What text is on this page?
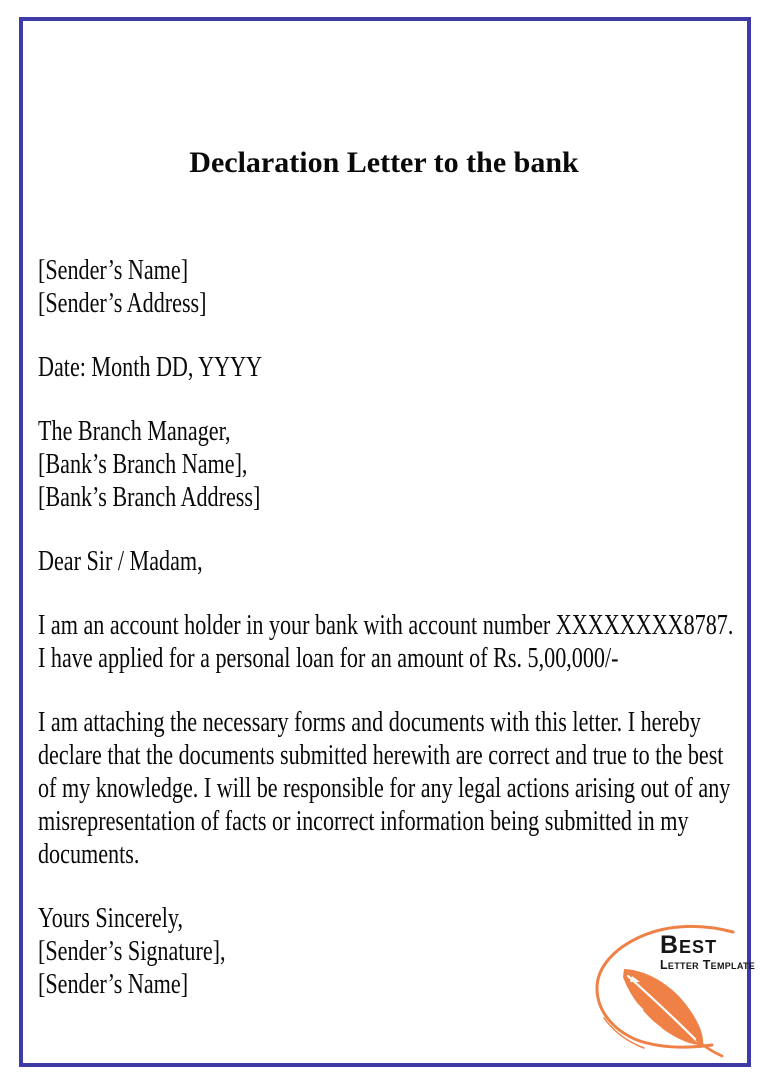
Declaration Letter to the bank
[Sender’s Name]
[Sender’s Address]
Date: Month DD, YYYY
The Branch Manager,
[Bank’s Branch Name],
[Bank’s Branch Address]
Dear Sir / Madam,
I am an account holder in your bank with account number XXXXXXXX8787.
I have applied for a personal loan for an amount of Rs. 5,00,000/-
I am attaching the necessary forms and documents with this letter. I hereby
declare that the documents submitted herewith are correct and true to the best
of my knowledge. I will be responsible for any legal actions arising out of any
misrepresentation of facts or incorrect information being submitted in my
documents.
Yours Sincerely,
[Sender’s Signature],
[Sender’s Name]
Best
Letter Template
